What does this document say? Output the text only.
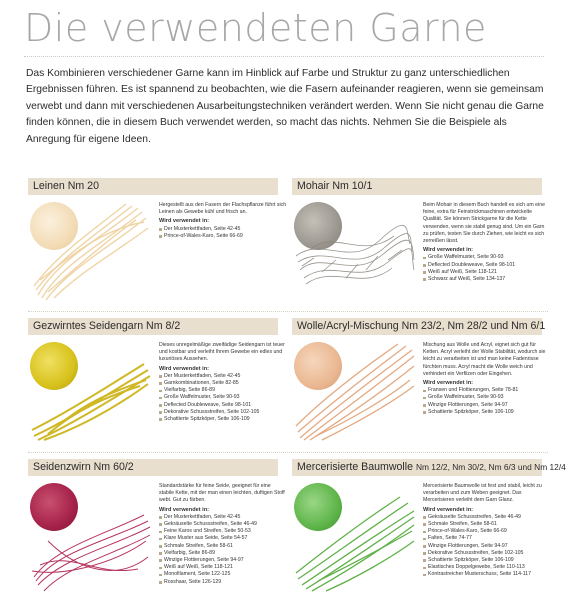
Die verwendeten Garne

Das Kombinieren verschiedener Garne kann im Hinblick auf Farbe und Struktur zu ganz unterschiedlichen Ergebnissen führen. Es ist spannend zu beobachten, wie die Fasern aufeinander reagieren, wenn sie gemeinsam verwebt und dann mit verschiedenen Ausarbeitungstechniken verändert werden. Wenn Sie nicht genau die Garne finden können, die in diesem Buch verwendet werden, so macht das nichts. Nehmen Sie die Beispiele als Anregung für eigene Ideen.

Leinen Nm 20
Hergestellt aus den Fasern der Flachspflanze führt sich Leinen als Gewebe kühl und frisch an.
Wird verwendet in:
Der Musterkettfaden, Seite 42-45
Prince-of-Wales-Karo, Seite 66-69
Mohair Nm 10/1
Beim Mohair in diesem Buch handelt es sich um eine feine, extra für Feinstrickmaschinen entwickelte Qualität. Sie können Strickgarne für die Kette verwenden, wenn sie stabil genug sind. Um ein Garn zu prüfen, testen Sie durch Ziehen, wie leicht es sich zerreißen lässt.
Wird verwendet in:
Große Waffelmuster, Seite 90-93
Deflected Doubleweave, Seite 98-101
Weiß auf Weiß, Seite 118-121
Schwarz auf Weiß, Seite 134-137
Gezwirntes Seidengarn Nm 8/2
Dieses unregelmäßige zweifädige Seidengarn ist teuer und kostbar und verleiht Ihrem Gewebe ein edles und luxuriöses Aussehen.
Wird verwendet in:
Der Musterkettfaden, Seite 42-45
Garnkombinationen, Seite 82-85
Vielfarbig, Seite 86-89
Große Waffelmuster, Seite 90-93
Deflected Doubleweave, Seite 98-101
Dekorative Schussstreifen, Seite 102-105
Schattierte Spitzköper, Seite 106-109
Wolle/Acryl-Mischung Nm 23/2, Nm 28/2 und Nm 6/1
Mischung aus Wolle und Acryl, eignet sich gut für Ketten. Acryl verleiht der Wolle Stabilität, wodurch sie leicht zu verarbeiten ist und man keine Fadenrisse fürchten muss. Acryl macht die Wolle weich und verhindert ein Verfilzen oder Eingehen.
Wird verwendet in:
Fransen und Flottierungen, Seite 78-81
Große Waffelmuster, Seite 90-93
Winzige Flottierungen, Seite 94-97
Schattierte Spitzköper, Seite 106-109
Seidenzwirn Nm 60/2
Standardstärke für feine Seide, geeignet für eine stabile Kette, mit der man einen leichten, duftigen Stoff webt. Gut zu färben.
Wird verwendet in:
Der Musterkettfaden, Seite 42-45
Gekräuselte Schussstreifen, Seite 46-49
Feine Karos und Streifen, Seite 50-53
Klare Muster aus Seide, Seite 54-57
Schmale Streifen, Seite 58-61
Vielfarbig, Seite 86-89
Winzige Flottierungen, Seite 94-97
Weiß auf Weiß, Seite 118-121
Monofilament, Seite 122-125
Rosshaar, Seite 126-129
Mercerisierte Baumwolle Nm 12/2, Nm 30/2, Nm 6/3 und Nm 12/4
Mercerisierte Baumwolle ist fest und stabil, leicht zu verarbeiten und zum Weben geeignet. Das Mercerisieren verleiht dem Garn Glanz.
Wird verwendet in:
Gekräuselte Schussstreifen, Seite 46-49
Schmale Streifen, Seite 58-61
Prince-of-Wales-Karo, Seite 66-69
Falten, Seite 74-77
Winzige Flottierungen, Seite 94-97
Dekorative Schussstreifen, Seite 102-105
Schattierte Spitzköper, Seite 106-109
Elastisches Doppelgewebe, Seite 110-113
Kontrastreicher Musterschuss, Seite 114-117
